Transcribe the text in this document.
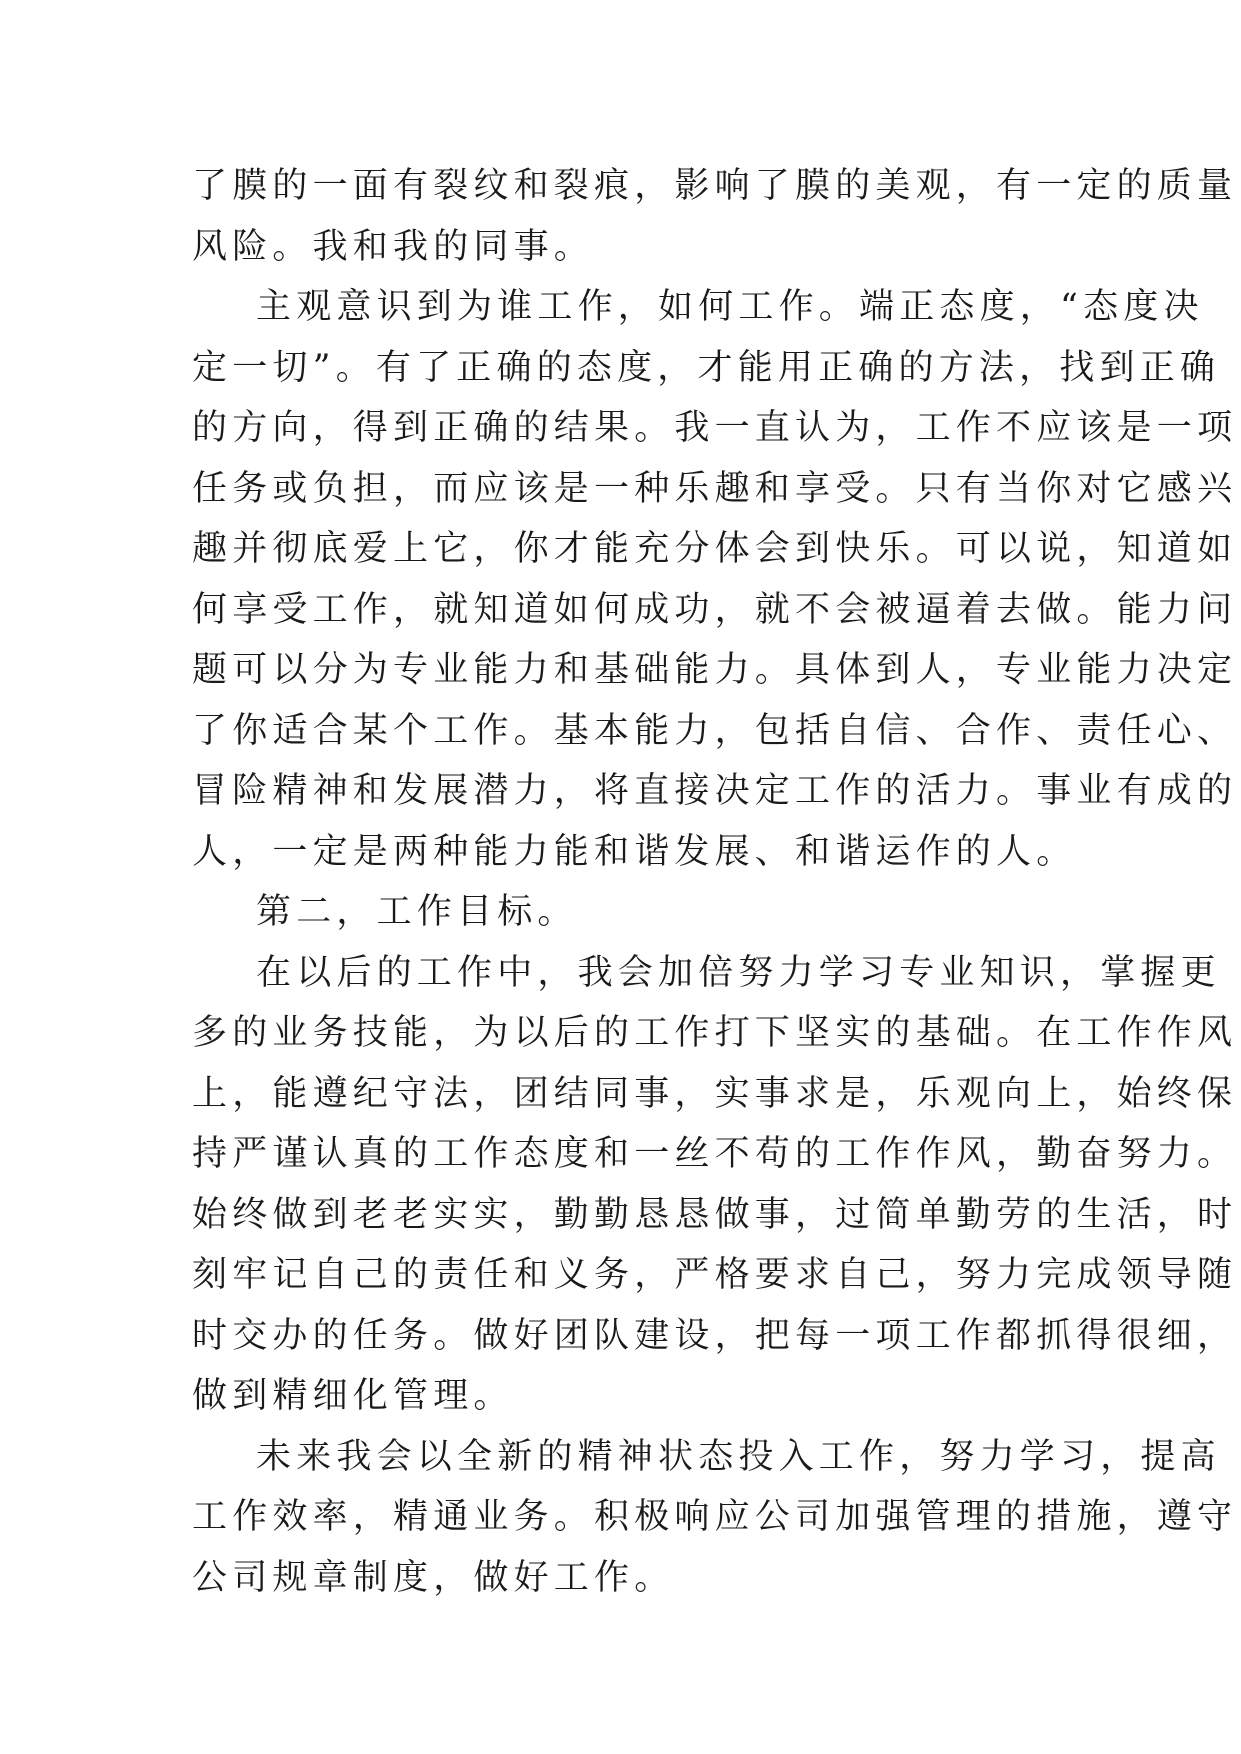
了膜的一面有裂纹和裂痕，影响了膜的美观，有一定的质量
风险。我和我的同事。
主观意识到为谁工作，如何工作。端正态度，“态度决
定一切”。有了正确的态度，才能用正确的方法，找到正确
的方向，得到正确的结果。我一直认为，工作不应该是一项
任务或负担，而应该是一种乐趣和享受。只有当你对它感兴
趣并彻底爱上它，你才能充分体会到快乐。可以说，知道如
何享受工作，就知道如何成功，就不会被逼着去做。能力问
题可以分为专业能力和基础能力。具体到人，专业能力决定
了你适合某个工作。基本能力，包括自信、合作、责任心、
冒险精神和发展潜力，将直接决定工作的活力。事业有成的
人，一定是两种能力能和谐发展、和谐运作的人。
第二，工作目标。
在以后的工作中，我会加倍努力学习专业知识，掌握更
多的业务技能，为以后的工作打下坚实的基础。在工作作风
上，能遵纪守法，团结同事，实事求是，乐观向上，始终保
持严谨认真的工作态度和一丝不苟的工作作风，勤奋努力。
始终做到老老实实，勤勤恳恳做事，过简单勤劳的生活，时
刻牢记自己的责任和义务，严格要求自己，努力完成领导随
时交办的任务。做好团队建设，把每一项工作都抓得很细，
做到精细化管理。
未来我会以全新的精神状态投入工作，努力学习，提高
工作效率，精通业务。积极响应公司加强管理的措施，遵守
公司规章制度，做好工作。
